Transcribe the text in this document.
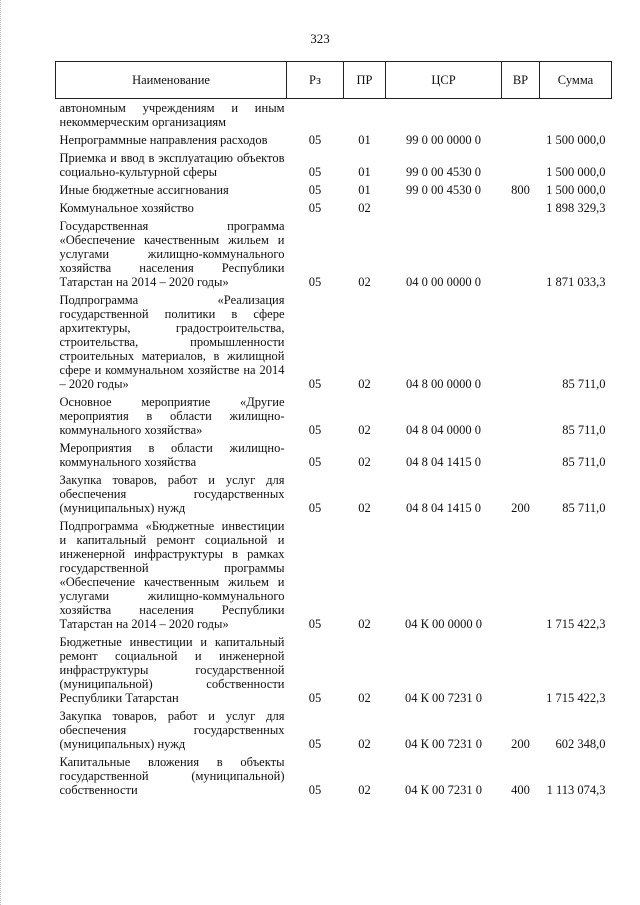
323
Наименование	Рз	ПР	ЦСР	ВР	Сумма
автономным учреждениям и иным некоммерческим организациям					
Непрограммные направления расходов	05	01	99 0 00 0000 0		1 500 000,0
Приемка и ввод в эксплуатацию объектов социально-культурной сферы	05	01	99 0 00 4530 0		1 500 000,0
Иные бюджетные ассигнования	05	01	99 0 00 4530 0	800	1 500 000,0
Коммунальное хозяйство	05	02			1 898 329,3
Государственная программа «Обеспечение качественным жильем и услугами жилищно-коммунального хозяйства населения Республики Татарстан на 2014 – 2020 годы»	05	02	04 0 00 0000 0		1 871 033,3
Подпрограмма «Реализация государственной политики в сфере архитектуры, градостроительства, строительства, промышленности строительных материалов, в жилищной сфере и коммунальном хозяйстве на 2014 – 2020 годы»	05	02	04 8 00 0000 0		85 711,0
Основное мероприятие «Другие мероприятия в области жилищно-коммунального хозяйства»	05	02	04 8 04 0000 0		85 711,0
Мероприятия в области жилищно-коммунального хозяйства	05	02	04 8 04 1415 0		85 711,0
Закупка товаров, работ и услуг для обеспечения государственных (муниципальных) нужд	05	02	04 8 04 1415 0	200	85 711,0
Подпрограмма «Бюджетные инвестиции и капитальный ремонт социальной и инженерной инфраструктуры в рамках государственной программы «Обеспечение качественным жильем и услугами жилищно-коммунального хозяйства населения Республики Татарстан на 2014 – 2020 годы»	05	02	04 К 00 0000 0		1 715 422,3
Бюджетные инвестиции и капитальный ремонт социальной и инженерной инфраструктуры государственной (муниципальной) собственности Республики Татарстан	05	02	04 К 00 7231 0		1 715 422,3
Закупка товаров, работ и услуг для обеспечения государственных (муниципальных) нужд	05	02	04 К 00 7231 0	200	602 348,0
Капитальные вложения в объекты государственной (муниципальной) собственности	05	02	04 К 00 7231 0	400	1 113 074,3
